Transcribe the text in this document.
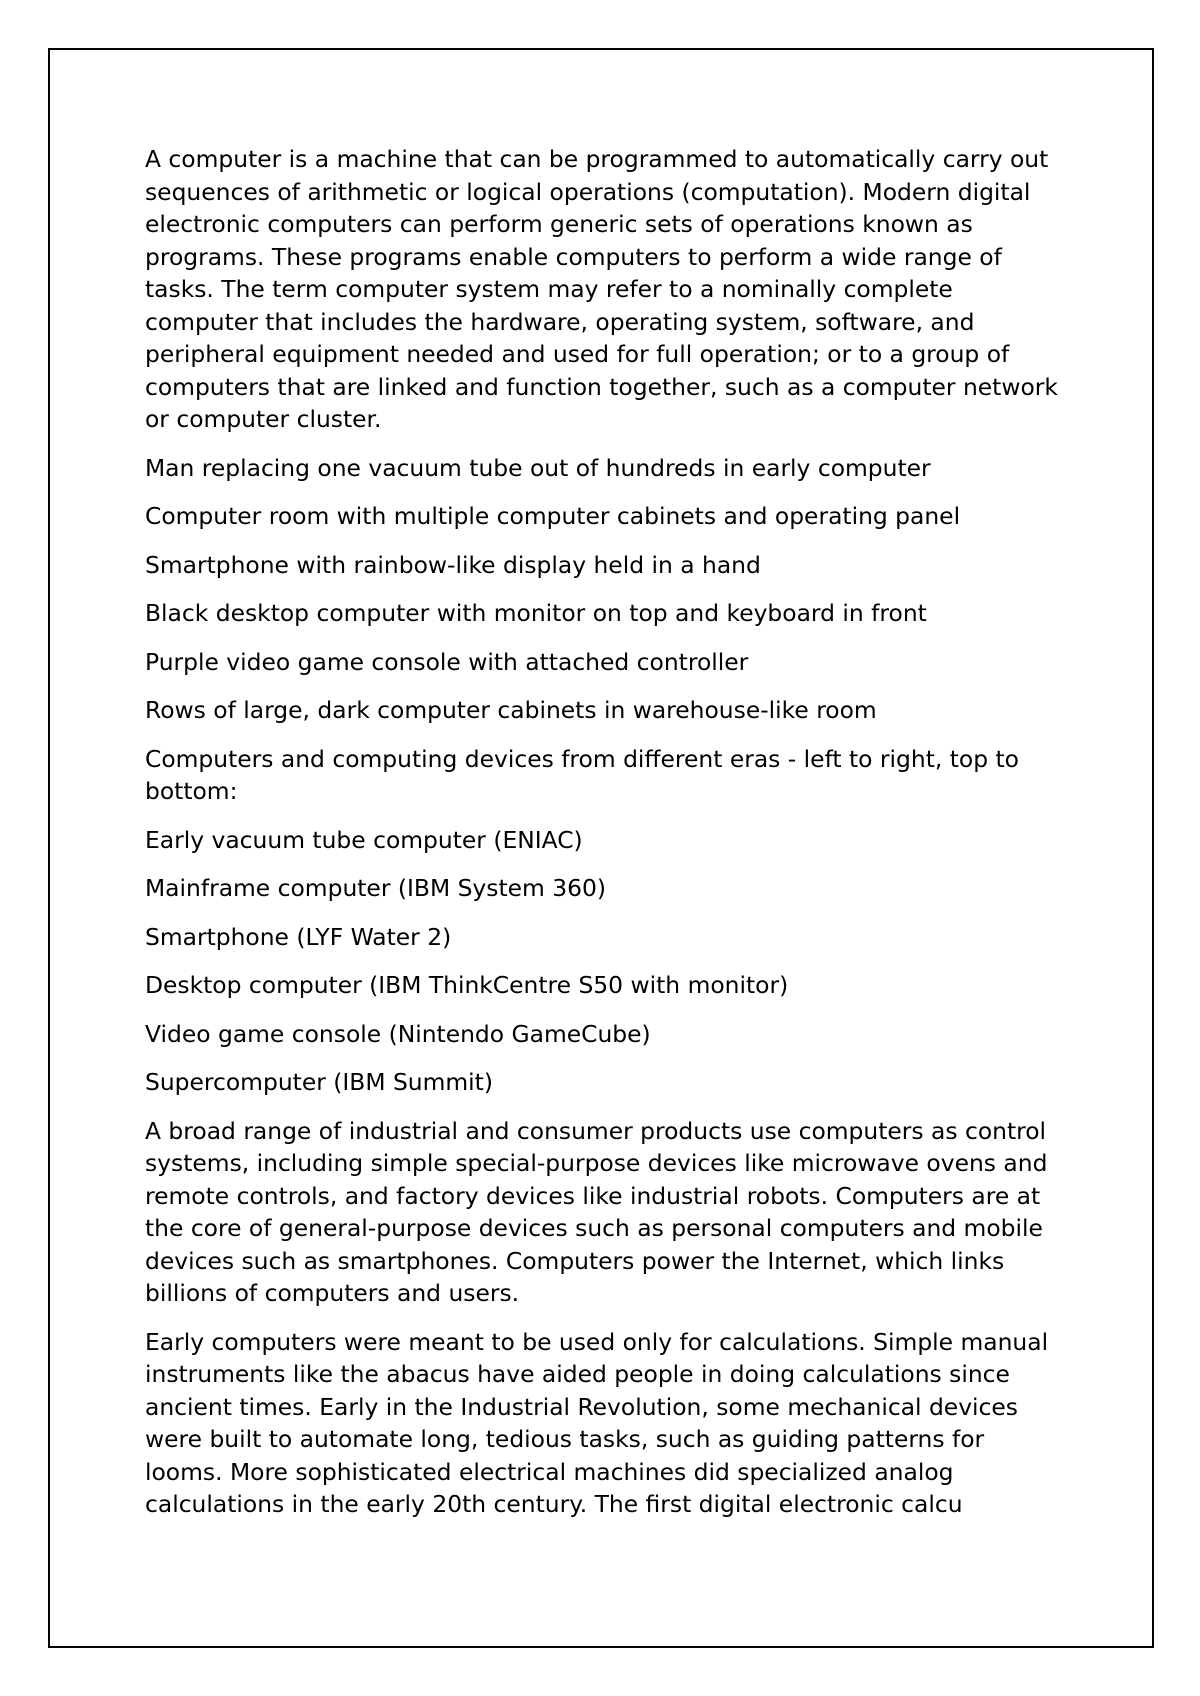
A computer is a machine that can be programmed to automatically carry out sequences of arithmetic or logical operations (computation). Modern digital electronic computers can perform generic sets of operations known as programs. These programs enable computers to perform a wide range of tasks. The term computer system may refer to a nominally complete computer that includes the hardware, operating system, software, and peripheral equipment needed and used for full operation; or to a group of computers that are linked and function together, such as a computer network or computer cluster.

Man replacing one vacuum tube out of hundreds in early computer

Computer room with multiple computer cabinets and operating panel

Smartphone with rainbow-like display held in a hand

Black desktop computer with monitor on top and keyboard in front

Purple video game console with attached controller

Rows of large, dark computer cabinets in warehouse-like room

Computers and computing devices from different eras - left to right, top to bottom:

Early vacuum tube computer (ENIAC)

Mainframe computer (IBM System 360)

Smartphone (LYF Water 2)

Desktop computer (IBM ThinkCentre S50 with monitor)

Video game console (Nintendo GameCube)

Supercomputer (IBM Summit)

A broad range of industrial and consumer products use computers as control systems, including simple special-purpose devices like microwave ovens and remote controls, and factory devices like industrial robots. Computers are at the core of general-purpose devices such as personal computers and mobile devices such as smartphones. Computers power the Internet, which links billions of computers and users.

Early computers were meant to be used only for calculations. Simple manual instruments like the abacus have aided people in doing calculations since ancient times. Early in the Industrial Revolution, some mechanical devices were built to automate long, tedious tasks, such as guiding patterns for looms. More sophisticated electrical machines did specialized analog calculations in the early 20th century. The first digital electronic calcu
